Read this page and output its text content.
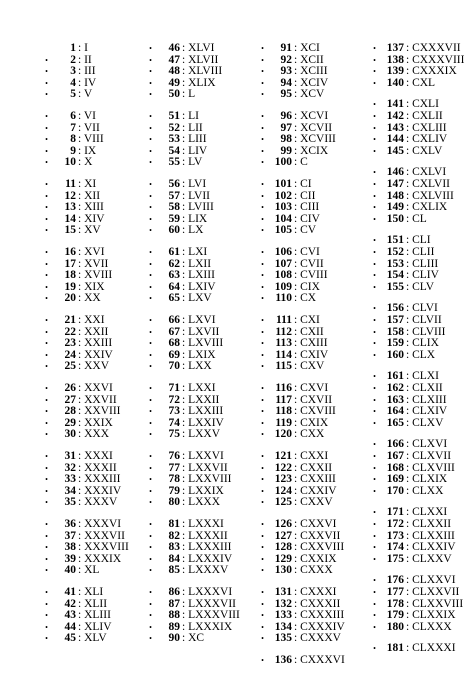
1 : I
•	2 : II
•	3 : III
•	4 : IV
•	5 : V
•	6 : VI
•	7 : VII
•	8 : VIII
•	9 : IX
•	10 : X
•	11 : XI
•	12 : XII
•	13 : XIII
•	14 : XIV
•	15 : XV
•	16 : XVI
•	17 : XVII
•	18 : XVIII
•	19 : XIX
•	20 : XX
•	21 : XXI
•	22 : XXII
•	23 : XXIII
•	24 : XXIV
•	25 : XXV
•	26 : XXVI
•	27 : XXVII
•	28 : XXVIII
•	29 : XXIX
•	30 : XXX
•	31 : XXXI
•	32 : XXXII
•	33 : XXXIII
•	34 : XXXIV
•	35 : XXXV
•	36 : XXXVI
•	37 : XXXVII
•	38 : XXXVIII
•	39 : XXXIX
•	40 : XL
•	41 : XLI
•	42 : XLII
•	43 : XLIII
•	44 : XLIV
•	45 : XLV
•	46 : XLVI
•	47 : XLVII
•	48 : XLVIII
•	49 : XLIX
•	50 : L
•	51 : LI
•	52 : LII
•	53 : LIII
•	54 : LIV
•	55 : LV
•	56 : LVI
•	57 : LVII
•	58 : LVIII
•	59 : LIX
•	60 : LX
•	61 : LXI
•	62 : LXII
•	63 : LXIII
•	64 : LXIV
•	65 : LXV
•	66 : LXVI
•	67 : LXVII
•	68 : LXVIII
•	69 : LXIX
•	70 : LXX
•	71 : LXXI
•	72 : LXXII
•	73 : LXXIII
•	74 : LXXIV
•	75 : LXXV
•	76 : LXXVI
•	77 : LXXVII
•	78 : LXXVIII
•	79 : LXXIX
•	80 : LXXX
•	81 : LXXXI
•	82 : LXXXII
•	83 : LXXXIII
•	84 : LXXXIV
•	85 : LXXXV
•	86 : LXXXVI
•	87 : LXXXVII
•	88 : LXXXVIII
•	89 : LXXXIX
•	90 : XC
•	91 : XCI
•	92 : XCII
•	93 : XCIII
•	94 : XCIV
•	95 : XCV
•	96 : XCVI
•	97 : XCVII
•	98 : XCVIII
•	99 : XCIX
• 100 : C
• 101 : CI
• 102 : CII
• 103 : CIII
• 104 : CIV
• 105 : CV
• 106 : CVI
• 107 : CVII
• 108 : CVIII
• 109 : CIX
• 110 : CX
•	111 : CXI
• 112 : CXII
• 113 : CXIII
• 114 : CXIV
• 115 : CXV
• 116 : CXVI
• 117 : CXVII
• 118 : CXVIII
• 119 : CXIX
• 120 : CXX
• 121 : CXXI
• 122 : CXXII
• 123 : CXXIII
• 124 : CXXIV
• 125 : CXXV
• 126 : CXXVI
• 127 : CXXVII
• 128 : CXXVIII
• 129 : CXXIX
• 130 : CXXX
• 131 : CXXXI
• 132 : CXXXII
• 133 : CXXXIII
• 134 : CXXXIV
• 135 : CXXXV
• 136 : CXXXVI
• 137 : CXXXVII
• 138 : CXXXVIII
• 139 : CXXXIX
• 140 : CXL
• 141 : CXLI
• 142 : CXLII
• 143 : CXLIII
• 144 : CXLIV
• 145 : CXLV
• 146 : CXLVI
• 147 : CXLVII
• 148 : CXLVIII
• 149 : CXLIX
• 150 : CL
• 151 : CLI
• 152 : CLII
• 153 : CLIII
• 154 : CLIV
• 155 : CLV
• 156 : CLVI
• 157 : CLVII
• 158 : CLVIII
• 159 : CLIX
• 160 : CLX
• 161 : CLXI
• 162 : CLXII
• 163 : CLXIII
• 164 : CLXIV
• 165 : CLXV
• 166 : CLXVI
• 167 : CLXVII
• 168 : CLXVIII
• 169 : CLXIX
• 170 : CLXX
• 171 : CLXXI
• 172 : CLXXII
• 173 : CLXXIII
• 174 : CLXXIV
• 175 : CLXXV
• 176 : CLXXVI
• 177 : CLXXVII
• 178 : CLXXVIII
• 179 : CLXXIX
• 180 : CLXXX
• 181 : CLXXXI
